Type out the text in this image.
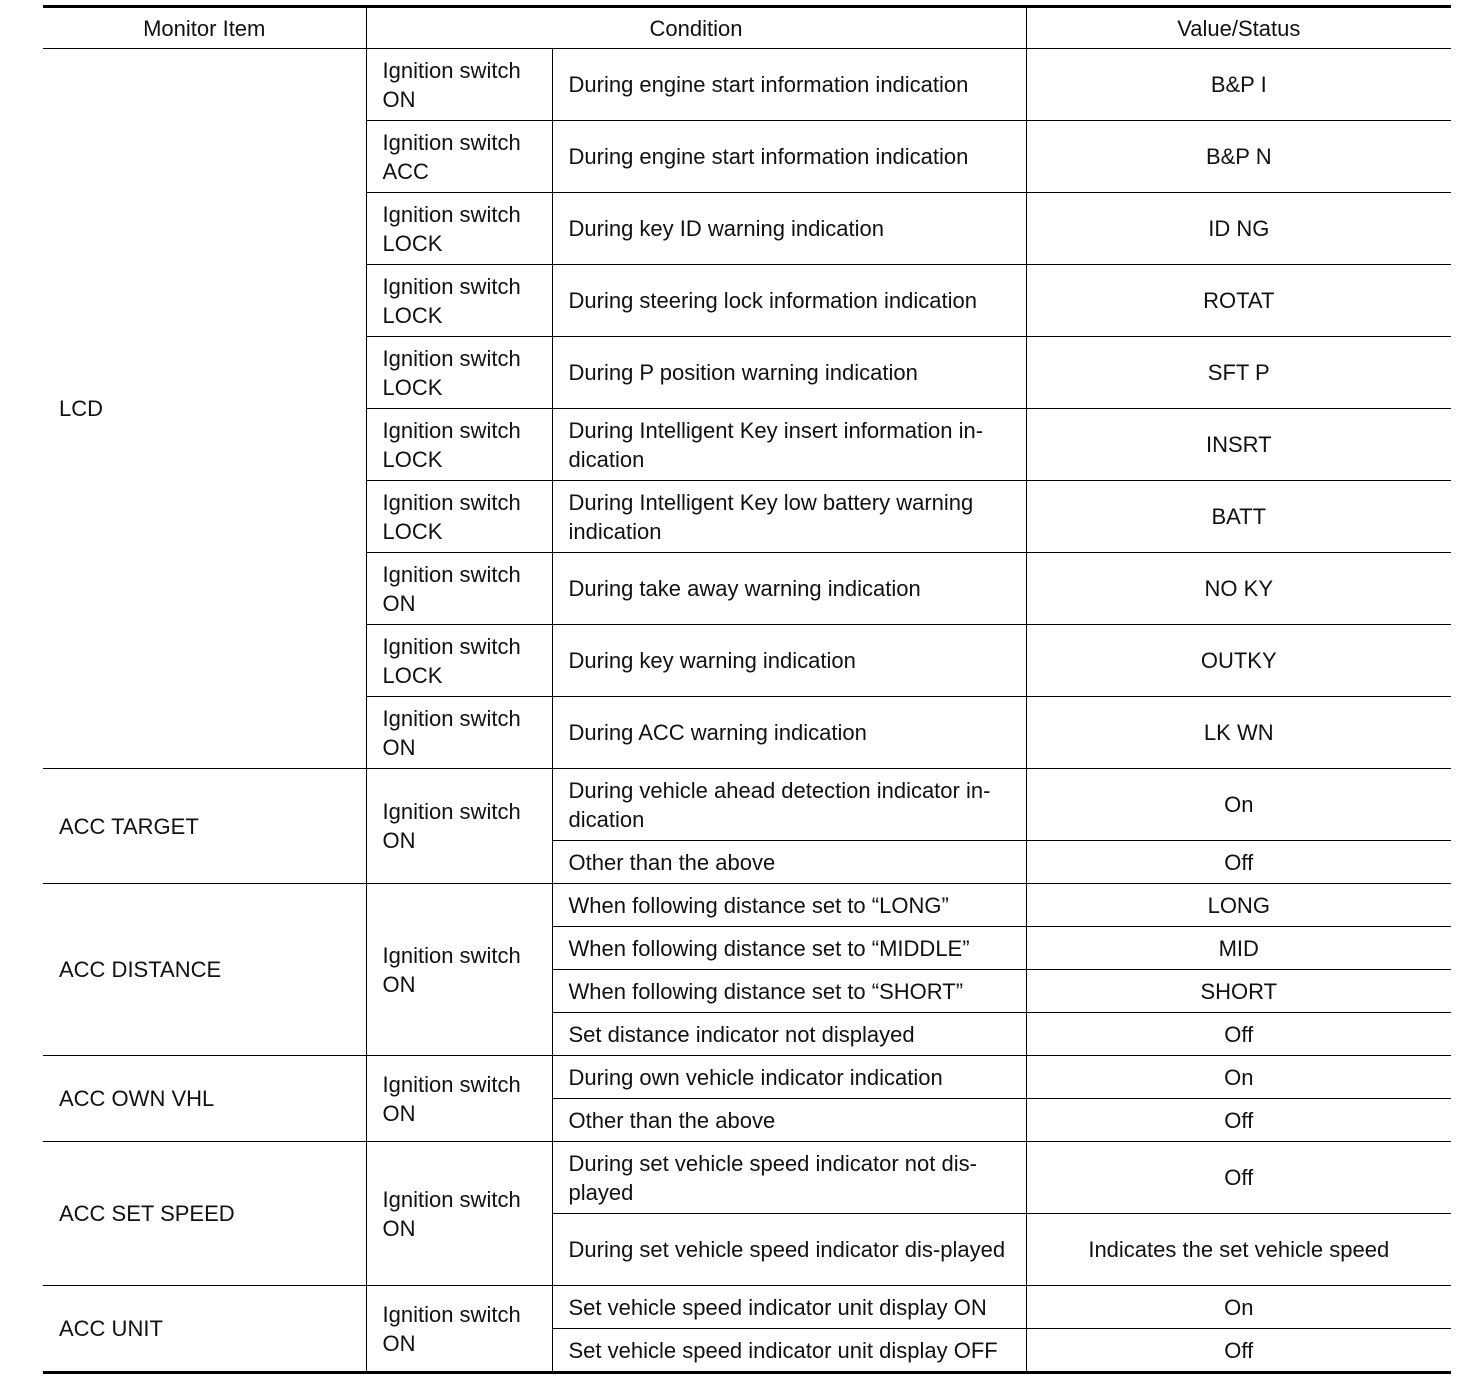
Monitor Item	Condition		Value/Status
LCD	Ignition switch ON	During engine start information indication	B&P I
	Ignition switch ACC	During engine start information indication	B&P N
	Ignition switch LOCK	During key ID warning indication	ID NG
	Ignition switch LOCK	During steering lock information indication	ROTAT
	Ignition switch LOCK	During P position warning indication	SFT P
	Ignition switch LOCK	During Intelligent Key insert information in-dication	INSRT
	Ignition switch LOCK	During Intelligent Key low battery warning indication	BATT
	Ignition switch ON	During take away warning indication	NO KY
	Ignition switch LOCK	During key warning indication	OUTKY
	Ignition switch ON	During ACC warning indication	LK WN
ACC TARGET	Ignition switch ON	During vehicle ahead detection indicator in-dication	On
		Other than the above	Off
ACC DISTANCE	Ignition switch ON	When following distance set to “LONG”	LONG
		When following distance set to “MIDDLE”	MID
		When following distance set to “SHORT”	SHORT
		Set distance indicator not displayed	Off
ACC OWN VHL	Ignition switch ON	During own vehicle indicator indication	On
		Other than the above	Off
ACC SET SPEED	Ignition switch ON	During set vehicle speed indicator not dis-played	Off
		During set vehicle speed indicator dis-played	Indicates the set vehicle speed
ACC UNIT	Ignition switch ON	Set vehicle speed indicator unit display ON	On
		Set vehicle speed indicator unit display OFF	Off
